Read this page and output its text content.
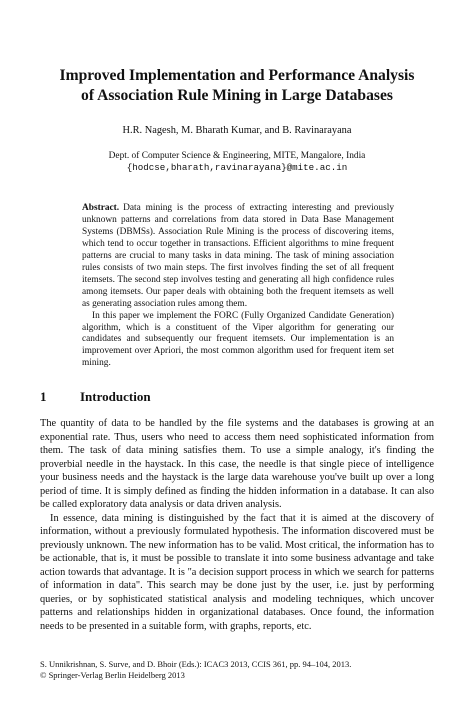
Improved Implementation and Performance Analysis
of Association Rule Mining in Large Databases
H.R. Nagesh, M. Bharath Kumar, and B. Ravinarayana
Dept. of Computer Science & Engineering, MITE, Mangalore, India
{hodcse,bharath,ravinarayana}@mite.ac.in

Abstract. Data mining is the process of extracting interesting and previously unknown patterns and correlations from data stored in Data Base Management Systems (DBMSs). Association Rule Mining is the process of discovering items, which tend to occur together in transactions. Efficient algorithms to mine frequent patterns are crucial to many tasks in data mining. The task of mining association rules consists of two main steps. The first involves finding the set of all frequent itemsets. The second step involves testing and generating all high confidence rules among itemsets. Our paper deals with obtaining both the frequent itemsets as well as generating association rules among them.

In this paper we implement the FORC (Fully Organized Candidate Generation) algorithm, which is a constituent of the Viper algorithm for generating our candidates and subsequently our frequent itemsets. Our implementation is an improvement over Apriori, the most common algorithm used for frequent item set mining.

1	Introduction

The quantity of data to be handled by the file systems and the databases is growing at an exponential rate. Thus, users who need to access them need sophisticated information from them. The task of data mining satisfies them. To use a simple analogy, it's finding the proverbial needle in the haystack. In this case, the needle is that single piece of intelligence your business needs and the haystack is the large data warehouse you've built up over a long period of time. It is simply defined as finding the hidden information in a database. It can also be called exploratory data analysis or data driven analysis.

In essence, data mining is distinguished by the fact that it is aimed at the discovery of information, without a previously formulated hypothesis. The information discovered must be previously unknown. The new information has to be valid. Most critical, the information has to be actionable, that is, it must be possible to translate it into some business advantage and take action towards that advantage. It is "a decision support process in which we search for patterns of information in data". This search may be done just by the user, i.e. just by performing queries, or by sophisticated statistical analysis and modeling techniques, which uncover patterns and relationships hidden in organizational databases. Once found, the information needs to be presented in a suitable form, with graphs, reports, etc.

S. Unnikrishnan, S. Surve, and D. Bhoir (Eds.): ICAC3 2013, CCIS 361, pp. 94–104, 2013.
© Springer-Verlag Berlin Heidelberg 2013
